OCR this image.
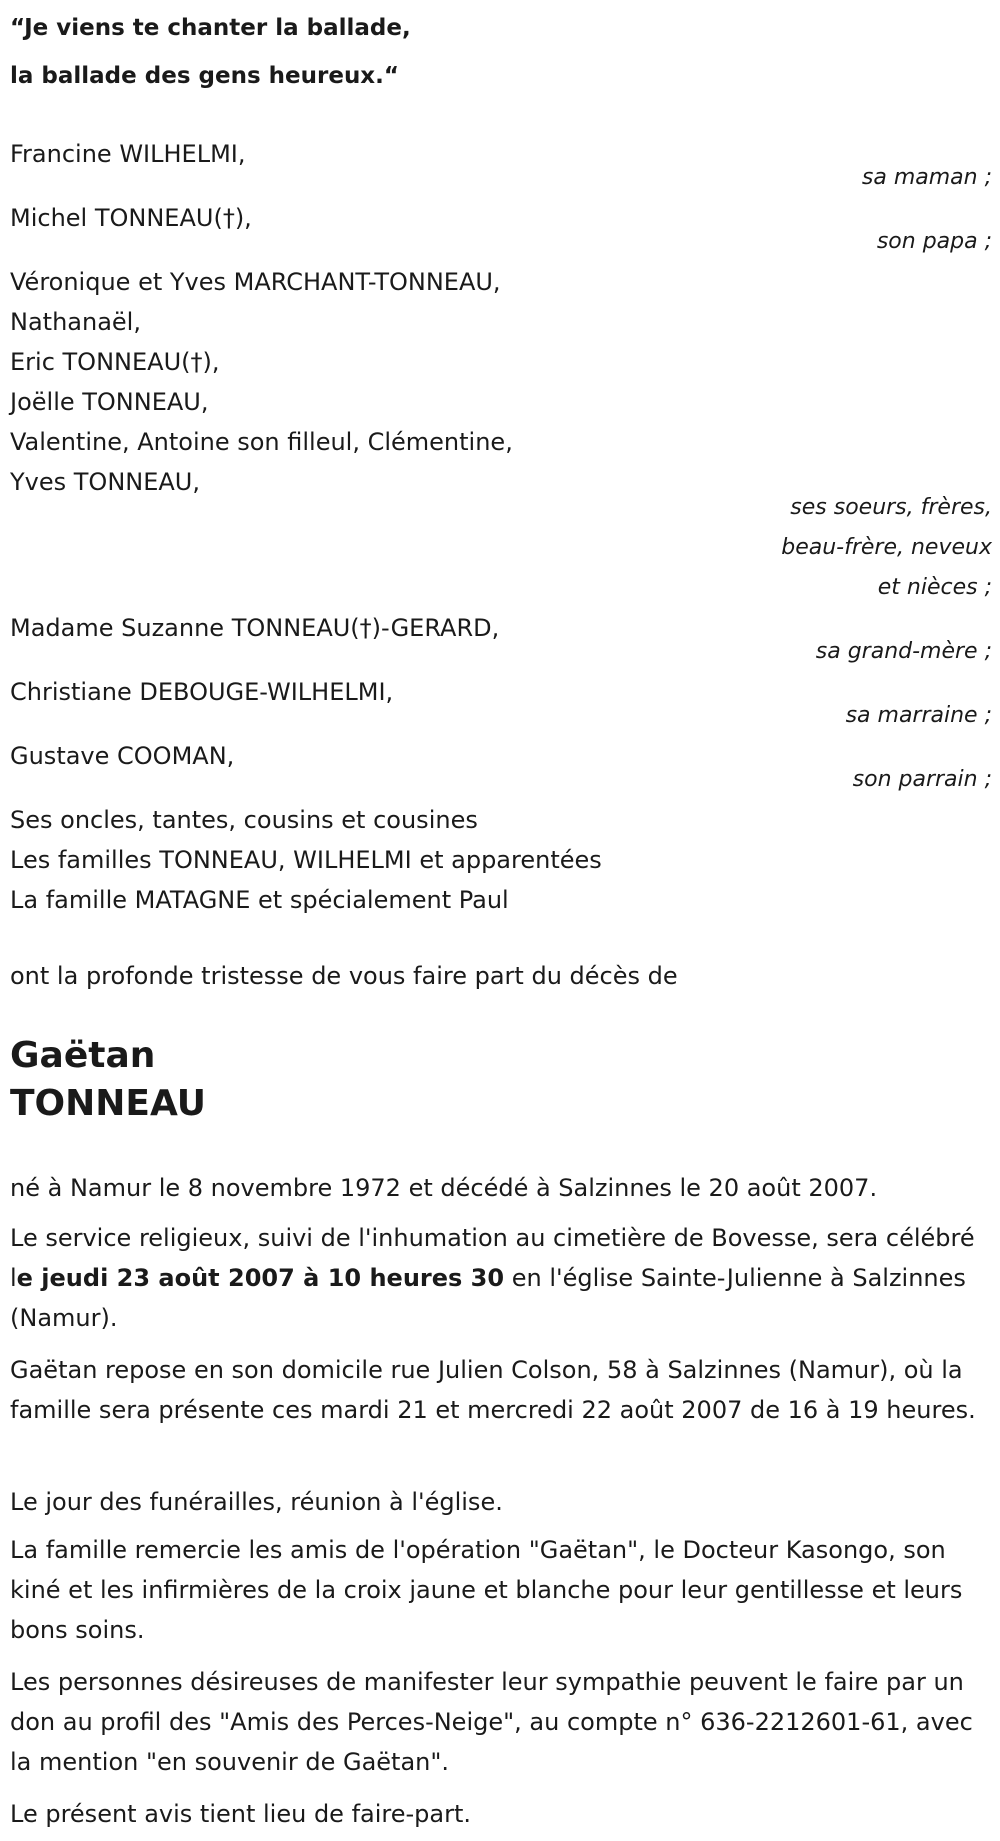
“Je viens te chanter la ballade,
la ballade des gens heureux.“
Francine WILHELMI,
sa maman ;
Michel TONNEAU(†),
son papa ;
Véronique et Yves MARCHANT-TONNEAU,
Nathanaël,
Eric TONNEAU(†),
Joëlle TONNEAU,
Valentine, Antoine son filleul, Clémentine,
Yves TONNEAU,
ses soeurs, frères,
beau-frère, neveux
et nièces ;
Madame Suzanne TONNEAU(†)-GERARD,
sa grand-mère ;
Christiane DEBOUGE-WILHELMI,
sa marraine ;
Gustave COOMAN,
son parrain ;
Ses oncles, tantes, cousins et cousines
Les familles TONNEAU, WILHELMI et apparentées
La famille MATAGNE et spécialement Paul
ont la profonde tristesse de vous faire part du décès de
Gaëtan
TONNEAU
né à Namur le 8 novembre 1972 et décédé à Salzinnes le 20 août 2007.
Le service religieux, suivi de l'inhumation au cimetière de Bovesse, sera célébré le jeudi 23 août 2007 à 10 heures 30 en l'église Sainte-Julienne à Salzinnes (Namur).
Gaëtan repose en son domicile rue Julien Colson, 58 à Salzinnes (Namur), où la famille sera présente ces mardi 21 et mercredi 22 août 2007 de 16 à 19 heures.
Le jour des funérailles, réunion à l'église.
La famille remercie les amis de l'opération "Gaëtan", le Docteur Kasongo, son kiné et les infirmières de la croix jaune et blanche pour leur gentillesse et leurs bons soins.
Les personnes désireuses de manifester leur sympathie peuvent le faire par un don au profil des "Amis des Perces-Neige", au compte n° 636-2212601-61, avec la mention "en souvenir de Gaëtan".
Le présent avis tient lieu de faire-part.
